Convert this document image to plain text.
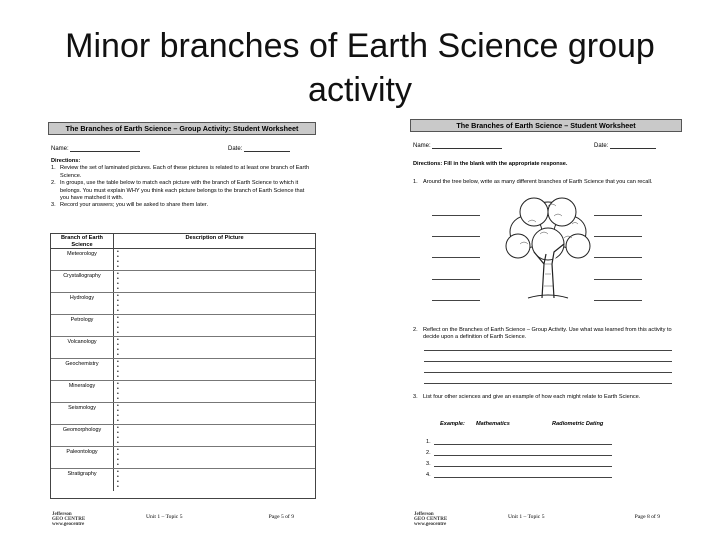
Minor branches of Earth Science group
activity
The Branches of Earth Science – Group Activity: Student Worksheet
Name:	Date:
Directions:
1. Review the set of laminated pictures. Each of these pictures is related to at least one branch of Earth Science.
2. In groups, use the table below to match each picture with the branch of Earth Science to which it belongs. You must explain WHY you think each picture belongs to the branch of Earth Science that you have matched it with.
3. Record your answers; you will be asked to share them later.
Branch of Earth Science
Description of Picture
Meteorology	•
•
•
•
Crystallography	•
•
•
•
Hydrology	•
•
•
•
Petrology	•
•
•
•
Volcanology	•
•
•
•
Geochemistry	•
•
•
•
Mineralogy	•
•
•
•
Seismology	•
•
•
•
Geomorphology	•
•
•
•
Paleontology	•
•
•
•
Stratigraphy	•
•
•
•
Jefferson
GEO CENTRE
www.geocentre
Unit 1 – Topic 5	Page 5 of 9
The Branches of Earth Science – Student Worksheet
Name:	Date:
Directions: Fill in the blank with the appropriate response.
1. Around the tree below, write as many different branches of Earth Science that you can recall.
2. Reflect on the Branches of Earth Science – Group Activity. Use what was learned from this activity to decide upon a definition of Earth Science.
3. List four other sciences and give an example of how each might relate to Earth Science.
Example: Mathematics	Radiometric Dating
1.
2.
3.
4.
Jefferson
GEO CENTRE
www.geocentre
Unit 1 – Topic 5	Page 8 of 9
